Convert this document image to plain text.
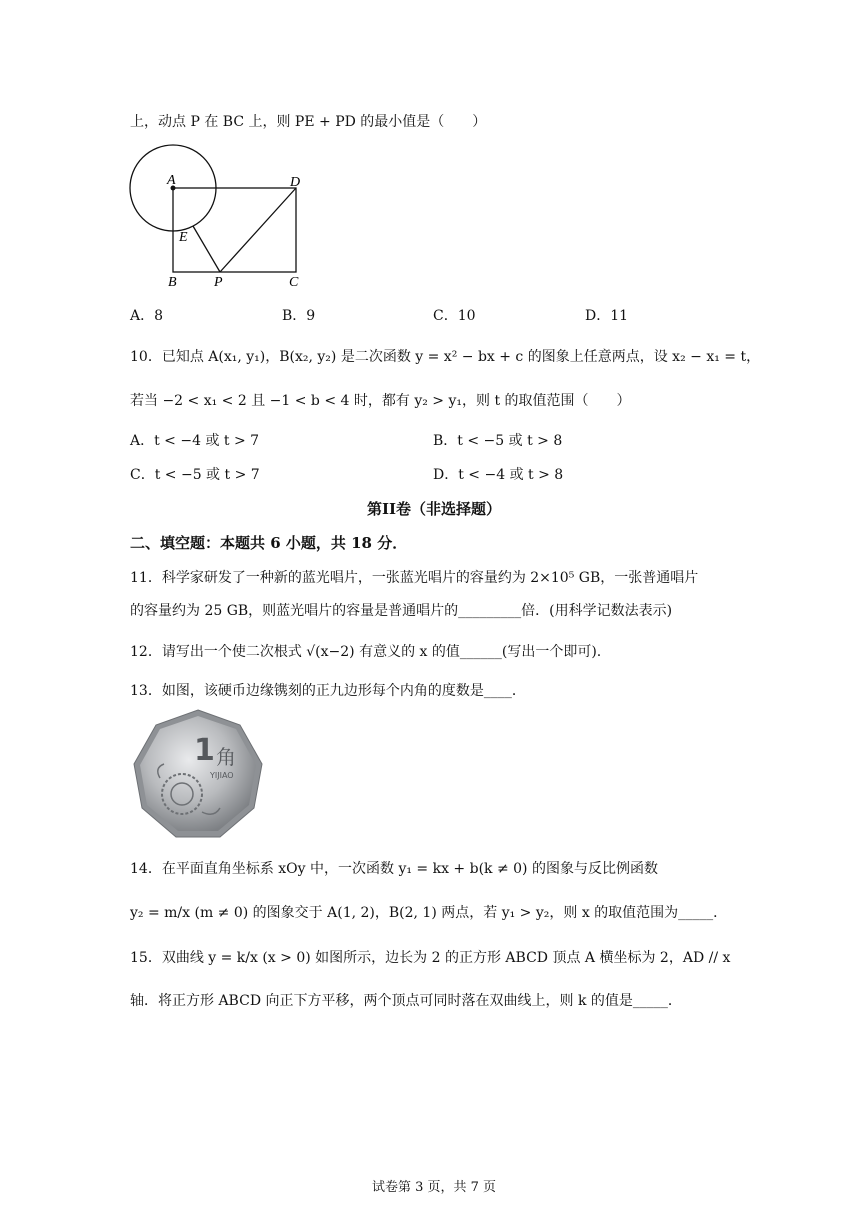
上，动点 P 在 BC 上，则 PE + PD 的最小值是（　　）
A	D
E
B	P	C
A．8	B．9	C．10	D．11
10．已知点 A(x₁, y₁)，B(x₂, y₂) 是二次函数 y = x² − bx + c 的图象上任意两点，设 x₂ − x₁ = t，
若当 −2 < x₁ < 2 且 −1 < b < 4 时，都有 y₂ > y₁，则 t 的取值范围（　　）
A．t < −4 或 t > 7	B．t < −5 或 t > 8
C．t < −5 或 t > 7	D．t < −4 或 t > 8
第II卷（非选择题）
二、填空题：本题共 6 小题，共 18 分．
11．科学家研发了一种新的蓝光唱片，一张蓝光唱片的容量约为 2×10⁵ GB，一张普通唱片
的容量约为 25 GB，则蓝光唱片的容量是普通唱片的_________倍．(用科学记数法表示)
12．请写出一个使二次根式 √(x−2) 有意义的 x 的值______(写出一个即可).
13．如图，该硬币边缘镌刻的正九边形每个内角的度数是____．
1 角
YIJIAO
14．在平面直角坐标系 xOy 中，一次函数 y₁ = kx + b(k ≠ 0) 的图象与反比例函数
y₂ = m/x (m ≠ 0) 的图象交于 A(1, 2)，B(2, 1) 两点，若 y₁ > y₂，则 x 的取值范围为_____．
15．双曲线 y = k/x (x > 0) 如图所示，边长为 2 的正方形 ABCD 顶点 A 横坐标为 2，AD // x
轴．将正方形 ABCD 向正下方平移，两个顶点可同时落在双曲线上，则 k 的值是_____．
试卷第 3 页，共 7 页
